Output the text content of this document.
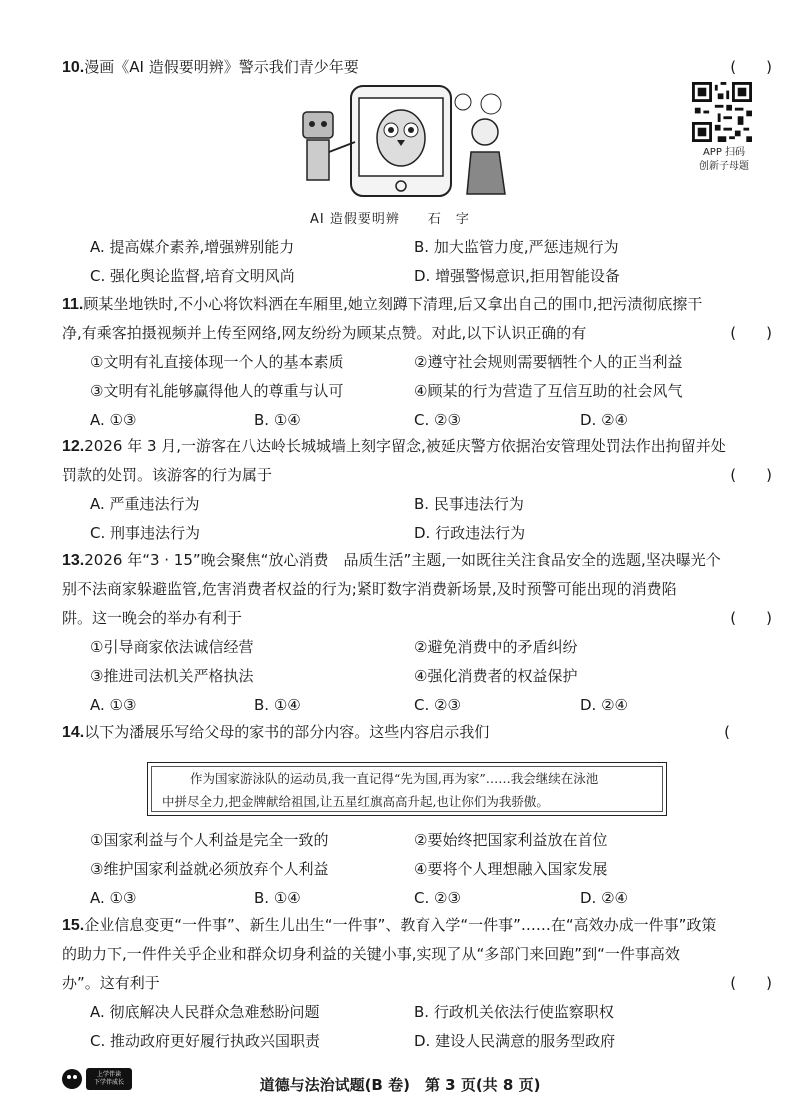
10.漫画《AI 造假要明辨》警示我们青少年要	(　　)
AI 造假要明辨　　石　字
APP 扫码
创新子母题
A. 提高媒介素养,增强辨别能力	B. 加大监管力度,严惩违规行为
C. 强化舆论监督,培育文明风尚	D. 增强警惕意识,拒用智能设备
11.顾某坐地铁时,不小心将饮料洒在车厢里,她立刻蹲下清理,后又拿出自己的围巾,把污渍彻底擦干
净,有乘客拍摄视频并上传至网络,网友纷纷为顾某点赞。对此,以下认识正确的有	(　　)
①文明有礼直接体现一个人的基本素质	②遵守社会规则需要牺牲个人的正当利益
③文明有礼能够赢得他人的尊重与认可	④顾某的行为营造了互信互助的社会风气
A. ①③	B. ①④	C. ②③	D. ②④
12.2026 年 3 月,一游客在八达岭长城城墙上刻字留念,被延庆警方依据治安管理处罚法作出拘留并处
罚款的处罚。该游客的行为属于	(　　)
A. 严重违法行为	B. 民事违法行为
C. 刑事违法行为	D. 行政违法行为
13.2026 年“3 · 15”晚会聚焦“放心消费　品质生活”主题,一如既往关注食品安全的选题,坚决曝光个
别不法商家躲避监管,危害消费者权益的行为;紧盯数字消费新场景,及时预警可能出现的消费陷
阱。这一晚会的举办有利于	(　　)
①引导商家依法诚信经营	②避免消费中的矛盾纠纷
③推进司法机关严格执法	④强化消费者的权益保护
A. ①③	B. ①④	C. ②③	D. ②④
14.以下为潘展乐写给父母的家书的部分内容。这些内容启示我们	(
作为国家游泳队的运动员,我一直记得“先为国,再为家”……我会继续在泳池
中拼尽全力,把金牌献给祖国,让五星红旗高高升起,也让你们为我骄傲。
①国家利益与个人利益是完全一致的	②要始终把国家利益放在首位
③维护国家利益就必须放弃个人利益	④要将个人理想融入国家发展
A. ①③	B. ①④	C. ②③	D. ②④
15.企业信息变更“一件事”、新生儿出生“一件事”、教育入学“一件事”……在“高效办成一件事”政策
的助力下,一件件关乎企业和群众切身利益的关键小事,实现了从“多部门来回跑”到“一件事高效
办”。这有利于	(　　)
A. 彻底解决人民群众急难愁盼问题	B. 行政机关依法行使监察职权
C. 推动政府更好履行执政兴国职责	D. 建设人民满意的服务型政府
上学伴读
下学伴成长	道德与法治试题(B 卷)　第 3 页(共 8 页)
